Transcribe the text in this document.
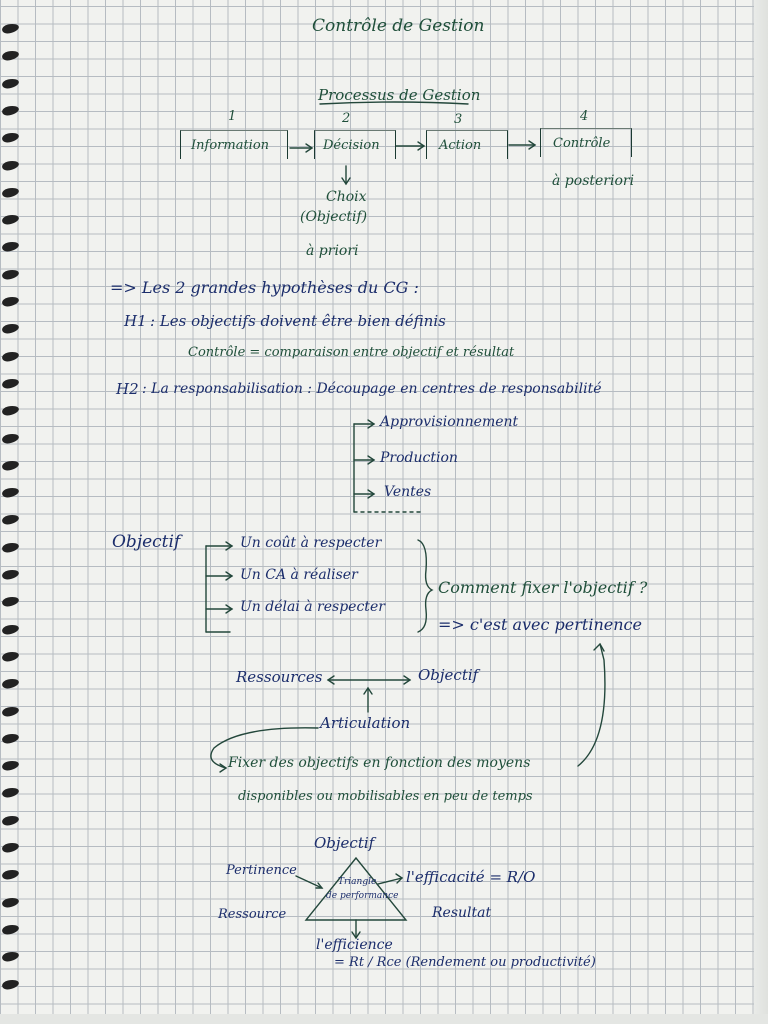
Contrôle de Gestion
Processus de Gestion
1	2	3	4
Information	Décision	Action	Contrôle
Choix
(Objectif)
à priori
à posteriori
=> Les 2 grandes hypothèses du CG :
H1 : Les objectifs doivent être bien définis
Contrôle = comparaison entre objectif et résultat
H2 : La responsabilisation : Découpage en centres de responsabilité
Approvisionnement
Production
Ventes
Objectif	Un coût à respecter
Un CA à réaliser
Un délai à respecter
Comment fixer l'objectif ?
=> c'est avec pertinence
Ressources	Objectif
Articulation
Fixer des objectifs en fonction des moyens
disponibles ou mobilisables en peu de temps
Objectif
Triangle
de performance
Pertinence
Ressource
l'efficacité = R/O
Resultat
l'efficience
= Rt / Rce (Rendement ou productivité)
